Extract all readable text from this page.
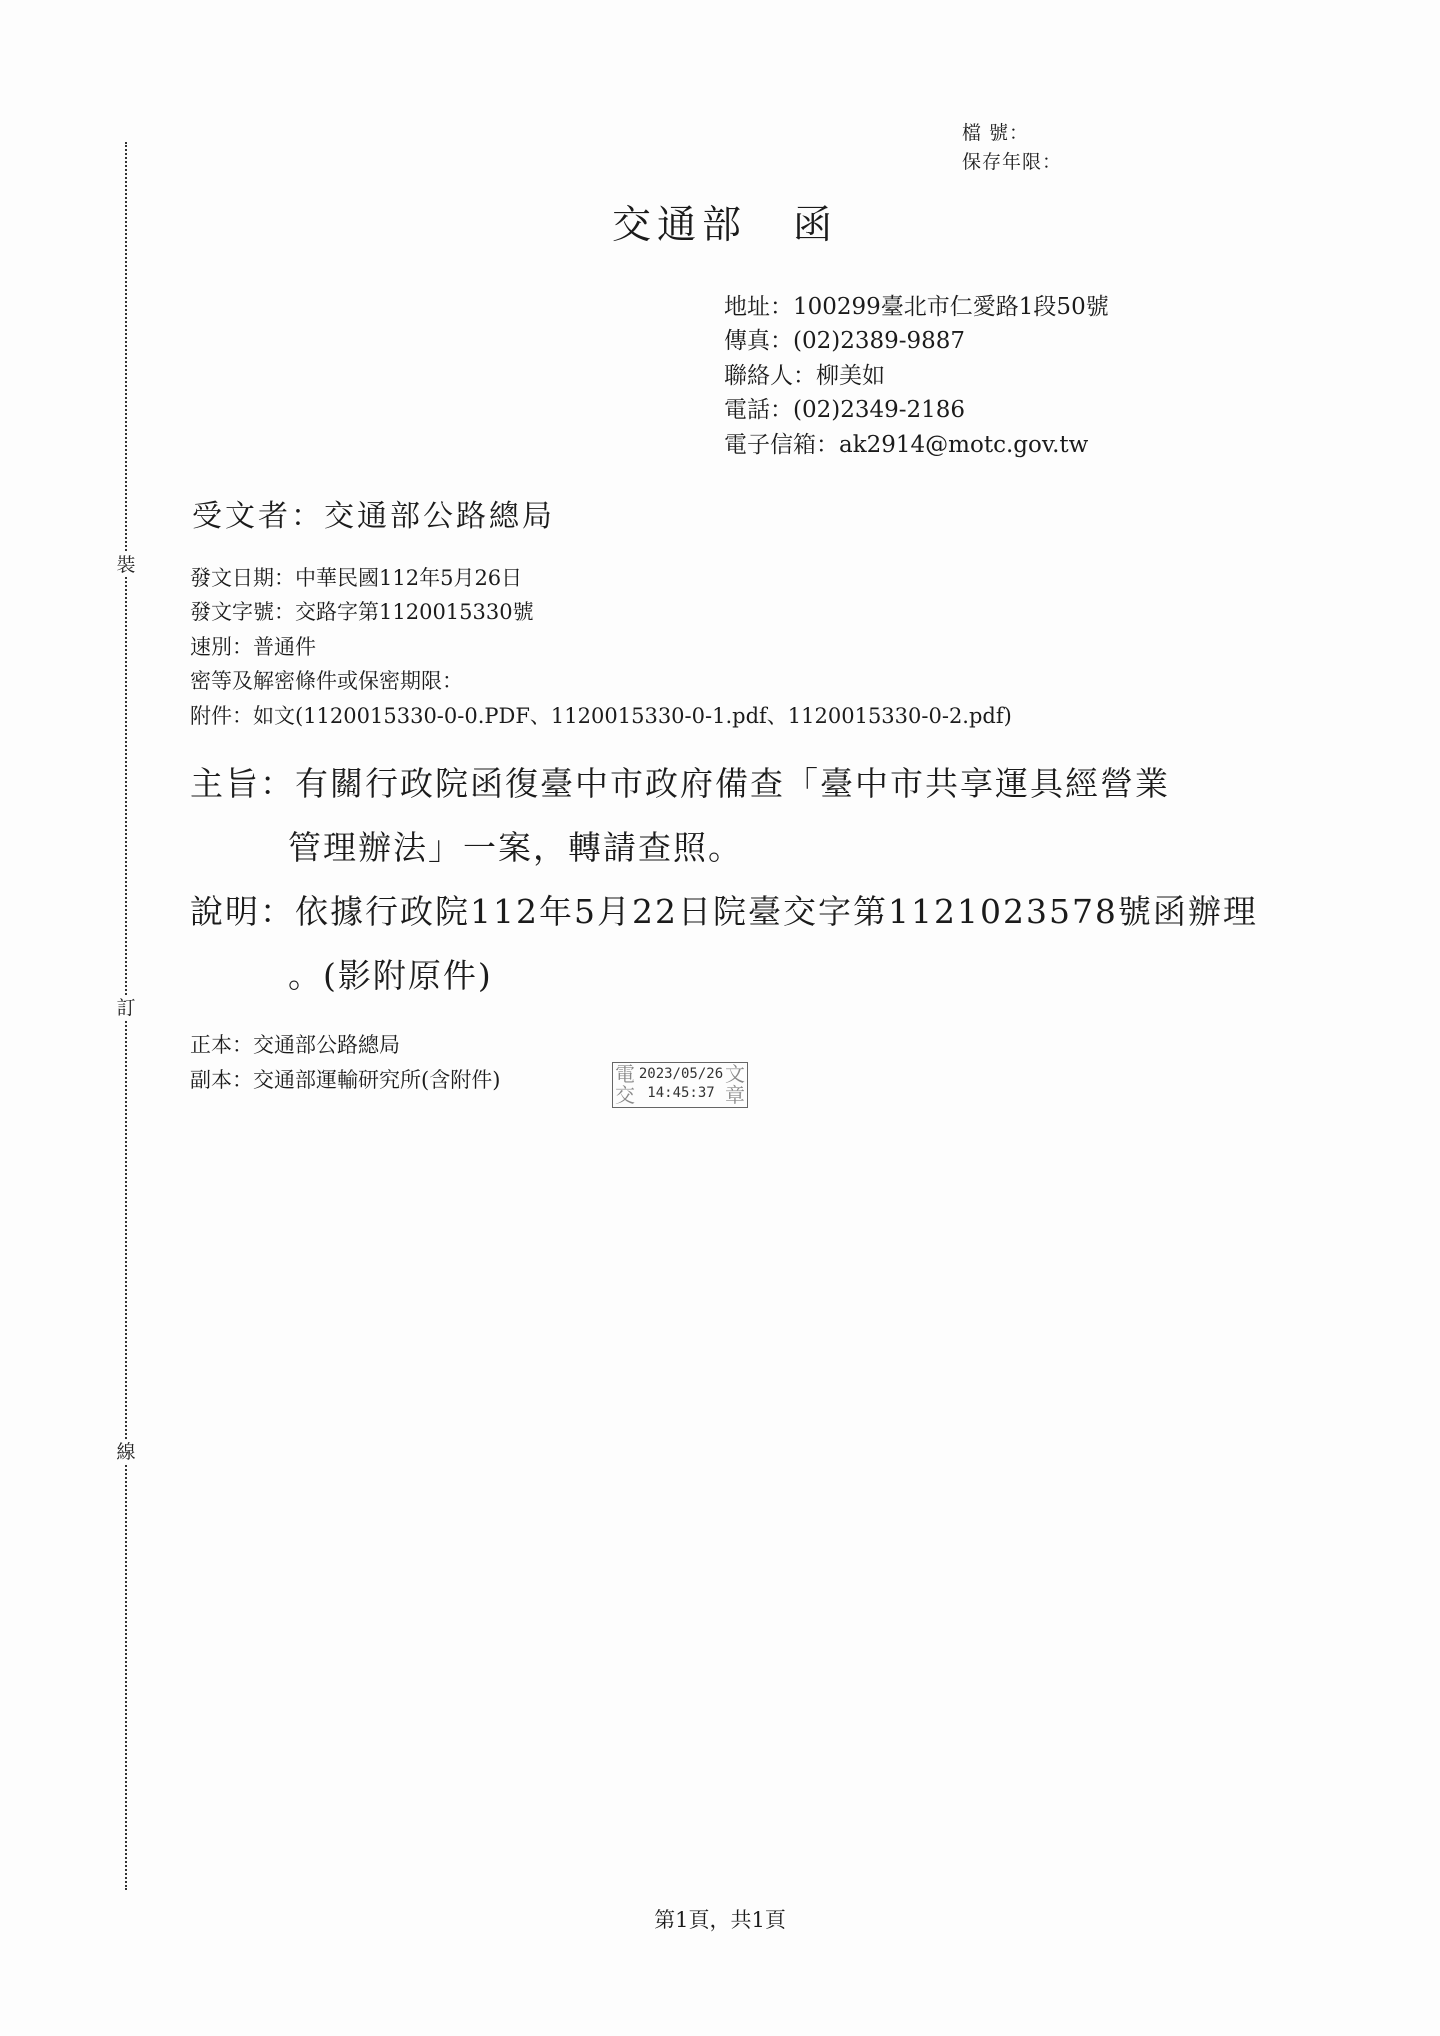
裝
訂
線
檔 號：
保存年限：
交通部 函
地址：100299臺北市仁愛路1段50號
傳真：(02)2389-9887
聯絡人：柳美如
電話：(02)2349-2186
電子信箱：ak2914@motc.gov.tw
受文者：交通部公路總局
發文日期：中華民國112年5月26日
發文字號：交路字第1120015330號
速別：普通件
密等及解密條件或保密期限：
附件：如文(1120015330-0-0.PDF、1120015330-0-1.pdf、1120015330-0-2.pdf)
主旨：有關行政院函復臺中市政府備查「臺中市共享運具經營業
管理辦法」一案，轉請查照。
說明：依據行政院112年5月22日院臺交字第1121023578號函辦理
。(影附原件)
正本：交通部公路總局
副本：交通部運輸研究所(含附件)	電	文
交	章
2023/05/26
14:45:37
第1頁，共1頁
